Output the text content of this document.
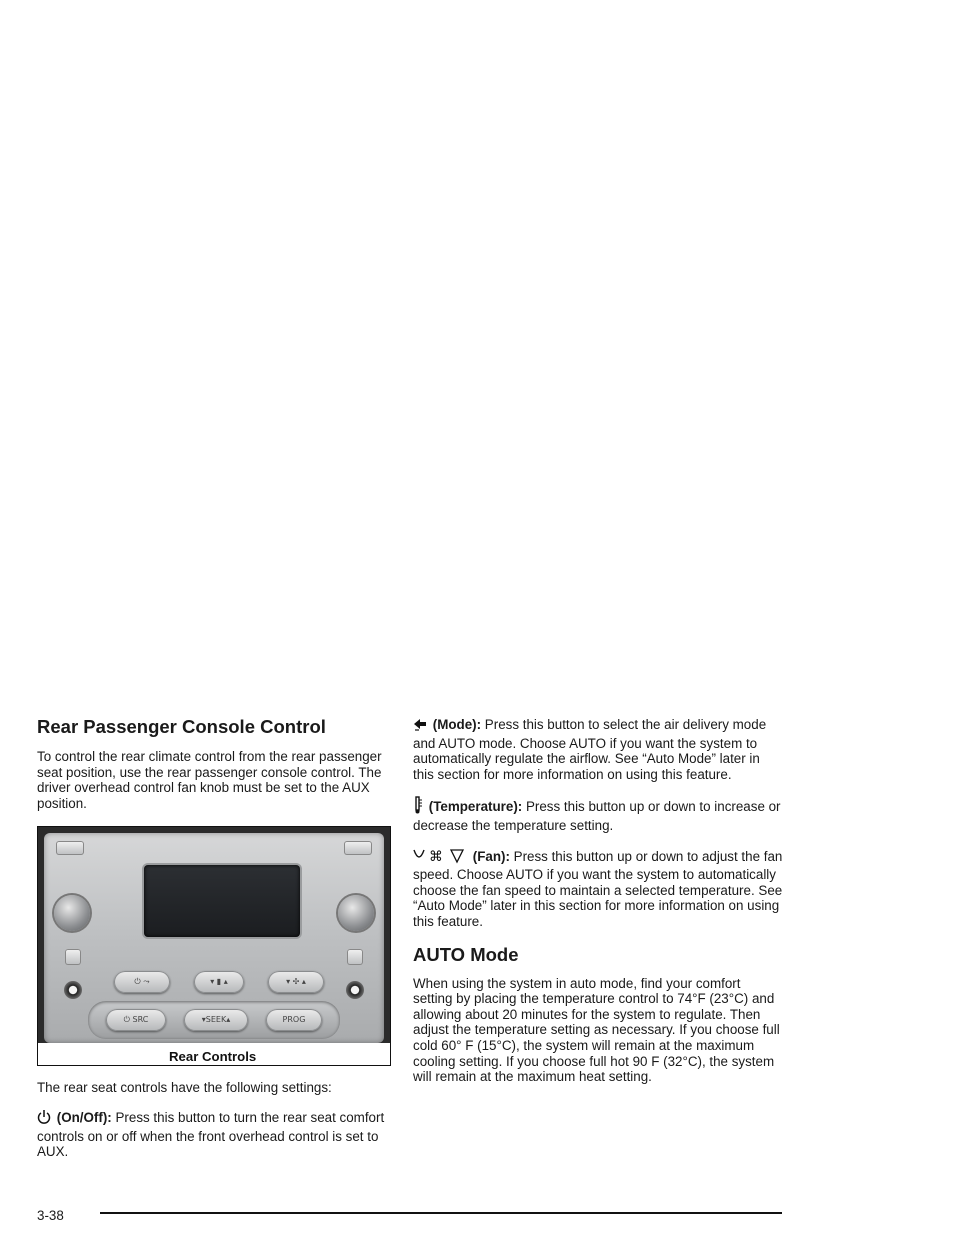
Rear Passenger Console Control

To control the rear climate control from the rear passenger seat position, use the rear passenger console control. The driver overhead control fan knob must be set to the AUX position.

⏻ ⤳	▾ ▮ ▴	▾ ✣ ▴
⏻ SRC	▾ SEEK ▴	PROG
Rear Controls

The rear seat controls have the following settings:

(On/Off): Press this button to turn the rear seat comfort controls on or off when the front overhead control is set to AUX.

(Mode): Press this button to select the air delivery mode and AUTO mode. Choose AUTO if you want the system to automatically regulate the airflow. See “Auto Mode” later in this section for more information on using this feature.

(Temperature): Press this button up or down to increase or decrease the temperature setting.

⌘ (Fan): Press this button up or down to adjust the fan speed. Choose AUTO if you want the system to automatically choose the fan speed to maintain a selected temperature. See “Auto Mode” later in this section for more information on using this feature.

AUTO Mode

When using the system in auto mode, find your comfort setting by placing the temperature control to 74°F (23°C) and allowing about 20 minutes for the system to regulate. Then adjust the temperature setting as necessary. If you choose full cold 60° F (15°C), the system will remain at the maximum cooling setting. If you choose full hot 90 F (32°C), the system will remain at the maximum heat setting.

3-38
